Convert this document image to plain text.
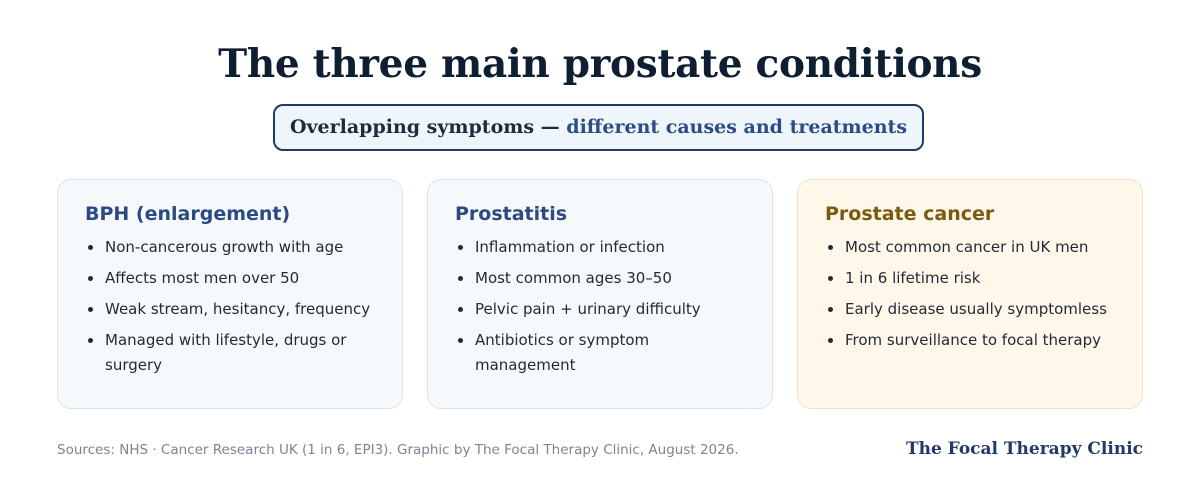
The three main prostate conditions
Overlapping symptoms — different causes and treatments
BPH (enlargement)
Non-cancerous growth with age
Affects most men over 50
Weak stream, hesitancy, frequency
Managed with lifestyle, drugs or surgery
Prostatitis
Inflammation or infection
Most common ages 30–50
Pelvic pain + urinary difficulty
Antibiotics or symptom management
Prostate cancer
Most common cancer in UK men
1 in 6 lifetime risk
Early disease usually symptomless
From surveillance to focal therapy
Sources: NHS · Cancer Research UK (1 in 6, EPI3). Graphic by The Focal Therapy Clinic, August 2026.	The Focal Therapy Clinic
